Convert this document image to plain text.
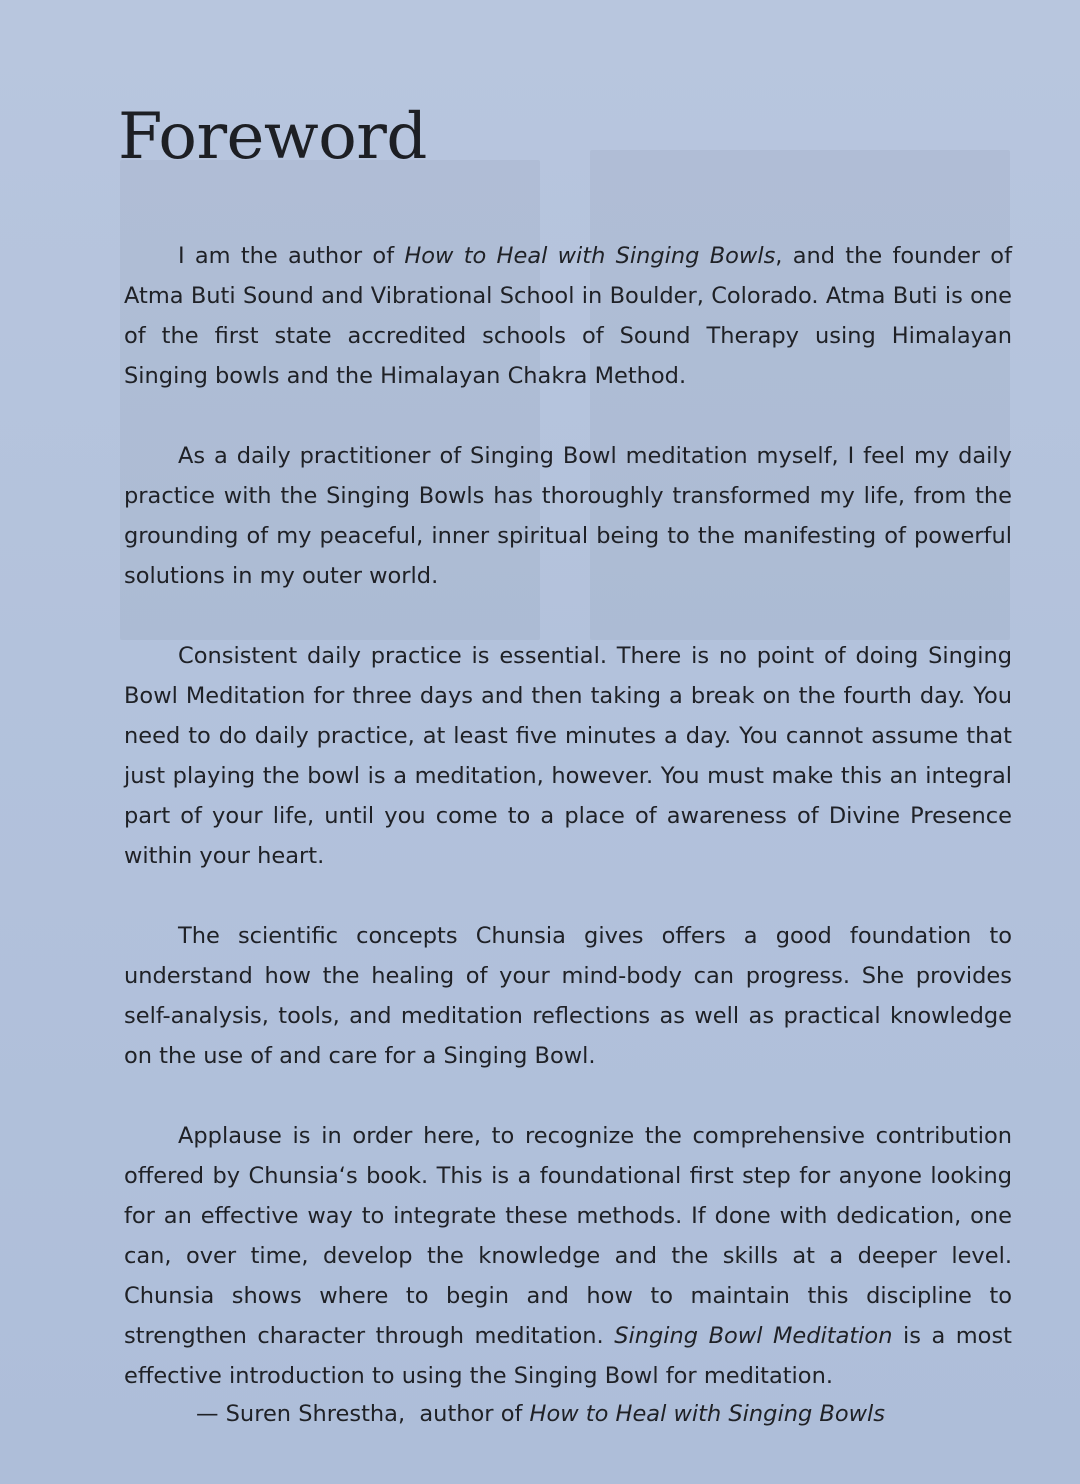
Foreword

I am the author of How to Heal with Singing Bowls, and the founder of Atma Buti Sound and Vibrational School in Boulder, Colorado. Atma Buti is one of the first state accredited schools of Sound Therapy using Himalayan Singing bowls and the Himalayan Chakra Method.

As a daily practitioner of Singing Bowl meditation myself, I feel my daily practice with the Singing Bowls has thoroughly transformed my life, from the grounding of my peaceful, inner spiritual being to the manifesting of powerful solutions in my outer world.

Consistent daily practice is essential. There is no point of doing Singing Bowl Meditation for three days and then taking a break on the fourth day. You need to do daily practice, at least five minutes a day. You cannot assume that just playing the bowl is a meditation, however. You must make this an integral part of your life, until you come to a place of awareness of Divine Presence within your heart.

The scientific concepts Chunsia gives offers a good foundation to understand how the healing of your mind-body can progress. She provides self-analysis, tools, and meditation reflections as well as practical knowledge on the use of and care for a Singing Bowl.

Applause is in order here, to recognize the comprehensive contribution offered by Chunsia‘s book. This is a foundational first step for anyone looking for an effective way to integrate these methods. If done with dedication, one can, over time, develop the knowledge and the skills at a deeper level. Chunsia shows where to begin and how to maintain this discipline to strengthen character through meditation. Singing Bowl Meditation is a most effective introduction to using the Singing Bowl for meditation.

— Suren Shrestha,  author of How to Heal with Singing Bowls
